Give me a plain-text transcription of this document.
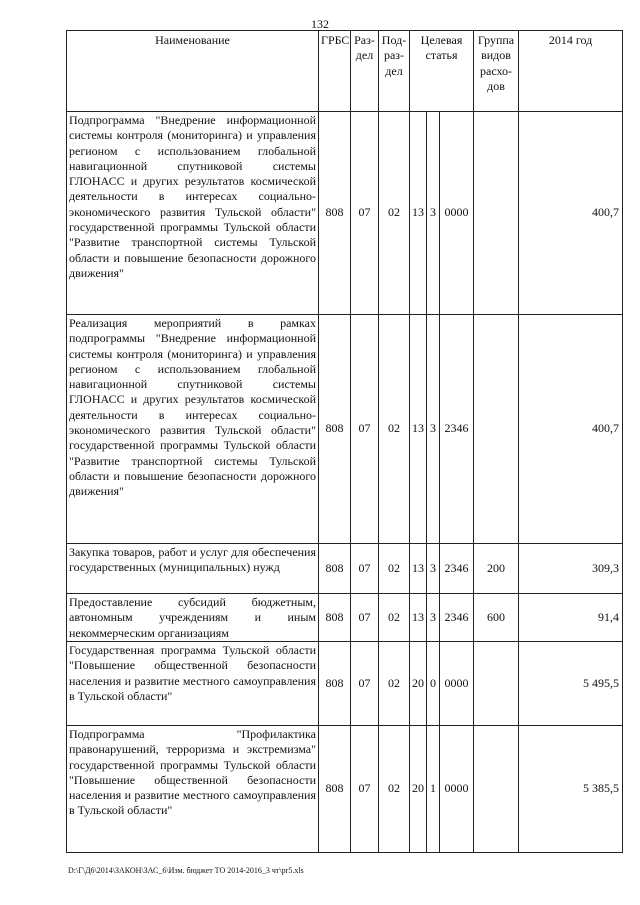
132
Наименование	ГРБС	Раз-дел	Под-раз-дел	Целевая статья			Группа видов расхо-дов	2014 год
Подпрограмма "Внедрение информационной системы контроля (мониторинга) и управления регионом с использованием глобальной навигационной спутниковой системы ГЛОНАСС и других результатов космической деятельности в интересах социально-экономического развития Тульской области" государственной программы Тульской области "Развитие транспортной системы Тульской области и повышение безопасности дорожного движения"	808	07	02	13	3	0000		400,7
Реализация мероприятий в рамках подпрограммы "Внедрение информационной системы контроля (мониторинга) и управления регионом с использованием глобальной навигационной спутниковой системы ГЛОНАСС и других результатов космической деятельности в интересах социально-экономического развития Тульской области" государственной программы Тульской области "Развитие транспортной системы Тульской области и повышение безопасности дорожного движения"	808	07	02	13	3	2346		400,7
Закупка товаров, работ и услуг для обеспечения государственных (муниципальных) нужд	808	07	02	13	3	2346	200	309,3
Предоставление субсидий бюджетным, автономным учреждениям и иным некоммерческим организациям	808	07	02	13	3	2346	600	91,4
Государственная программа Тульской области "Повышение общественной безопасности населения и развитие местного самоуправления в Тульской области"	808	07	02	20	0	0000		5 495,5
Подпрограмма "Профилактика правонарушений, терроризма и экстремизма" государственной программы Тульской области "Повышение общественной безопасности населения и развитие местного самоуправления в Тульской области"	808	07	02	20	1	0000		5 385,5
D:\Г\Д6\2014\ЗАКОН\ЗАС_6\Изм. бюджет ТО 2014-2016_3 чт\pr5.xls
